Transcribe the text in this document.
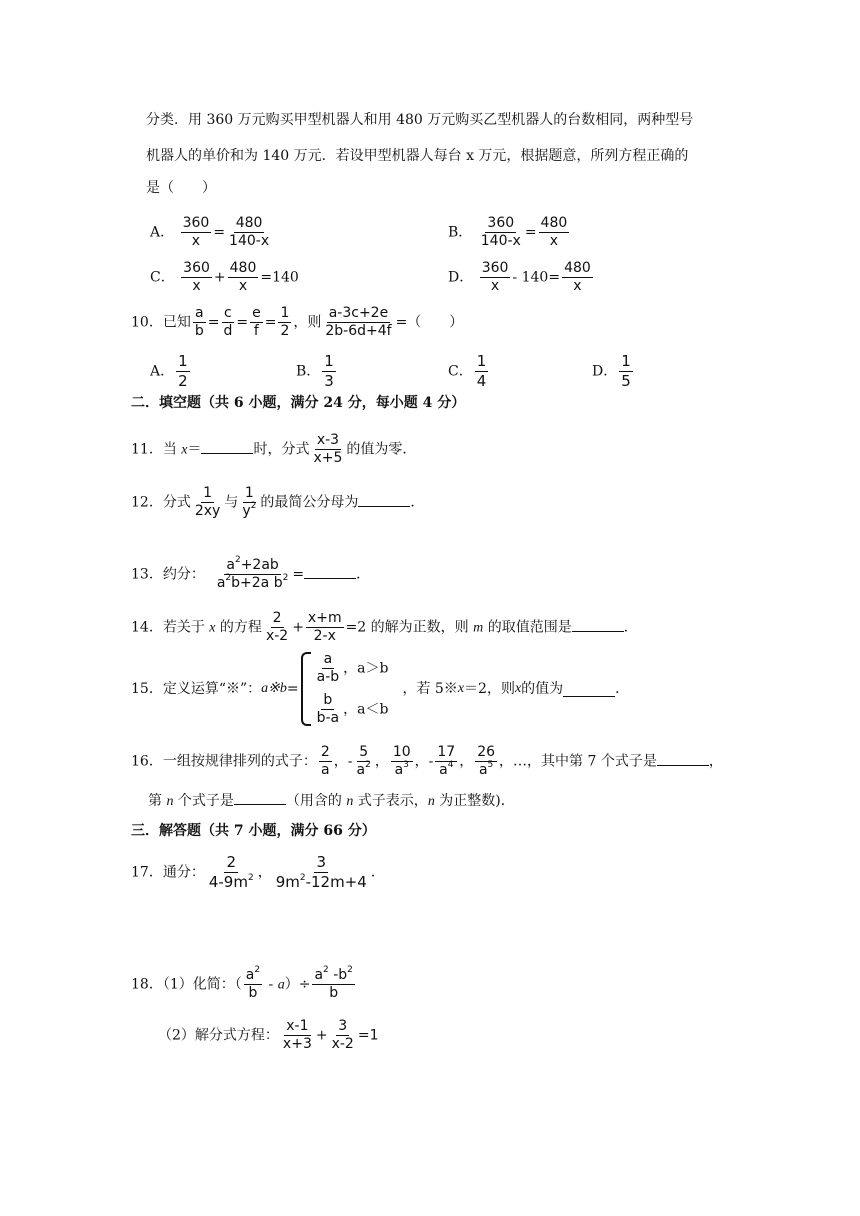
分类．用 360 万元购买甲型机器人和用 480 万元购买乙型机器人的台数相同，两种型号
机器人的单价和为 140 万元．若设甲型机器人每台 x 万元，根据题意，所列方程正确的
是（　　）
A． $\frac{360}{x} = \frac{480}{140-x}$	B． $\frac{360}{140-x} = \frac{480}{x}$
C． $\frac{360}{x} + \frac{480}{x} =140$	D． $\frac{360}{x} - 140= \frac{480}{x}$
10．已知 $\frac{a}{b} = \frac{c}{d} = \frac{e}{f} = \frac{1}{2}$ ，则 $\frac{a-3c+2e}{2b-6d+4f}$ =（　　）
A． $\frac{1}{2}$	B． $\frac{1}{3}$	C． $\frac{1}{4}$	D． $\frac{1}{5}$
二．填空题（共 6 小题，满分 24 分，每小题 4 分）
11．当 x＝	时，分式 $\frac{x-3}{x+5}$ 的值为零．
12．分式 $\frac{1}{2xy}$ 与 $\frac{1}{y^2}$ 的最简公分母为	．
13．约分： $\frac{a^2+2ab}{a^2b+2a b^2}$ =	．
14．若关于 x 的方程 $\frac{2}{x-2} + \frac{x+m}{2-x} =2$ 的解为正数，则 m 的取值范围是	．
15．定义运算“※”： a※b =
$\frac{a}{a-b}$ ，a＞b
$\frac{b}{b-a}$ ，a＜b
，若 5※ x ＝2，则 x 的值为	．
16．一组按规律排列的式子： $\frac{2}{a}$ ，- $\frac{5}{a^2}$ ， $\frac{10}{a^3}$ ，- $\frac{17}{a^4}$ ， $\frac{26}{a^5}$ ，…，其中第 7 个式子是	，
第 n 个式子是	（用含的 n 式子表示，n 为正整数)．
三．解答题（共 7 小题，满分 66 分）
17．通分： $\frac{2}{4-9m^2}$ ， $\frac{3}{9m^2-12m+4}$ ．
18．（1）化简：（ $\frac{a^2}{b} - a)\div \frac{a^2 -b^2}{b}$
（2）解分式方程： $\frac{x-1}{x+3} + \frac{3}{x-2} =1$
